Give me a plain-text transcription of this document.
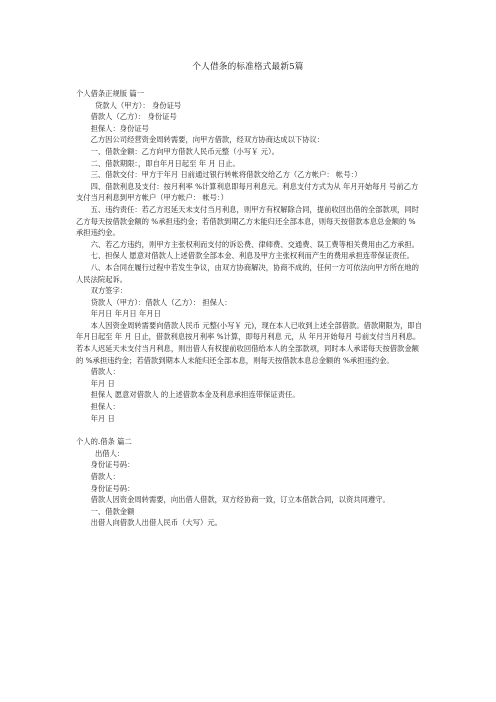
个人借条的标准格式最新5篇

个人借条正规版 篇一

贷款人（甲方）： 身份证号

借款人（乙方）： 身份证号

担保人：身份证号

乙方因公司经营资金周转需要，向甲方借款，经双方协商达成以下协议：

一、借款金额：乙方向甲方借款人民币元整（小写￥ 元）。

二、借款期限：，即自年月日起至 年 月 日止。

三、借款交付：甲方于年月 日前通过银行转帐将借款交给乙方（乙方帐户： 帐号：）

四、借款利息及支付：按月利率 %计算利息即每月利息元。利息支付方式为从 年月开始每月 号前乙方支付当月利息到甲方帐户（甲方帐户： 帐号：）

五、违约责任：若乙方迟延天未支付当月利息，则甲方有权解除合同，提前收回出借的全部款项，同时乙方每天按借款金额的 %承担违约金；若借款到期乙方未能归还全部本息，则每天按借款本息总金额的 %承担违约金。

六、若乙方违约，则甲方主张权利而支付的诉讼费、律师费、交通费、误工费等相关费用由乙方承担。

七、担保人 愿意对借款人上述借款全部本金、利息及甲方主张权利而产生的费用承担连带保证责任。

八、本合同在履行过程中若发生争议，由双方协商解决，协商不成的，任何一方可依法向甲方所在地的人民法院起诉。

双方签字：

贷款人（甲方）：借款人（乙方）： 担保人：

年月日 年月日 年月日

本人因资金周转需要向借款人民币 元整(小写￥ 元)，现在本人已收到上述全部借款。借款期限为，即自 年月日起至 年 月 日止，借款利息按月利率 %计算，即每月利息 元，从 年月开始每月 号前支付当月利息。若本人迟延天未支付当月利息，则出借人有权提前收回借给本人的全部款项，同时本人承诺每天按借款金额的 %承担违约金；若借款到期本人未能归还全部本息，则每天按借款本息总金额的 %承担违约金。

借款人：

年月 日

担保人 愿意对借款人 的上述借款本金及利息承担连带保证责任。

担保人：

年月 日

个人的.借条 篇二

出借人：

身份证号码：

借款人：

身份证号码：

借款人因资金周转需要，向出借人借款，双方经协商一致，订立本借款合同，以资共同遵守。

一、借款金额

出借人向借款人出借人民币（大写）元。
